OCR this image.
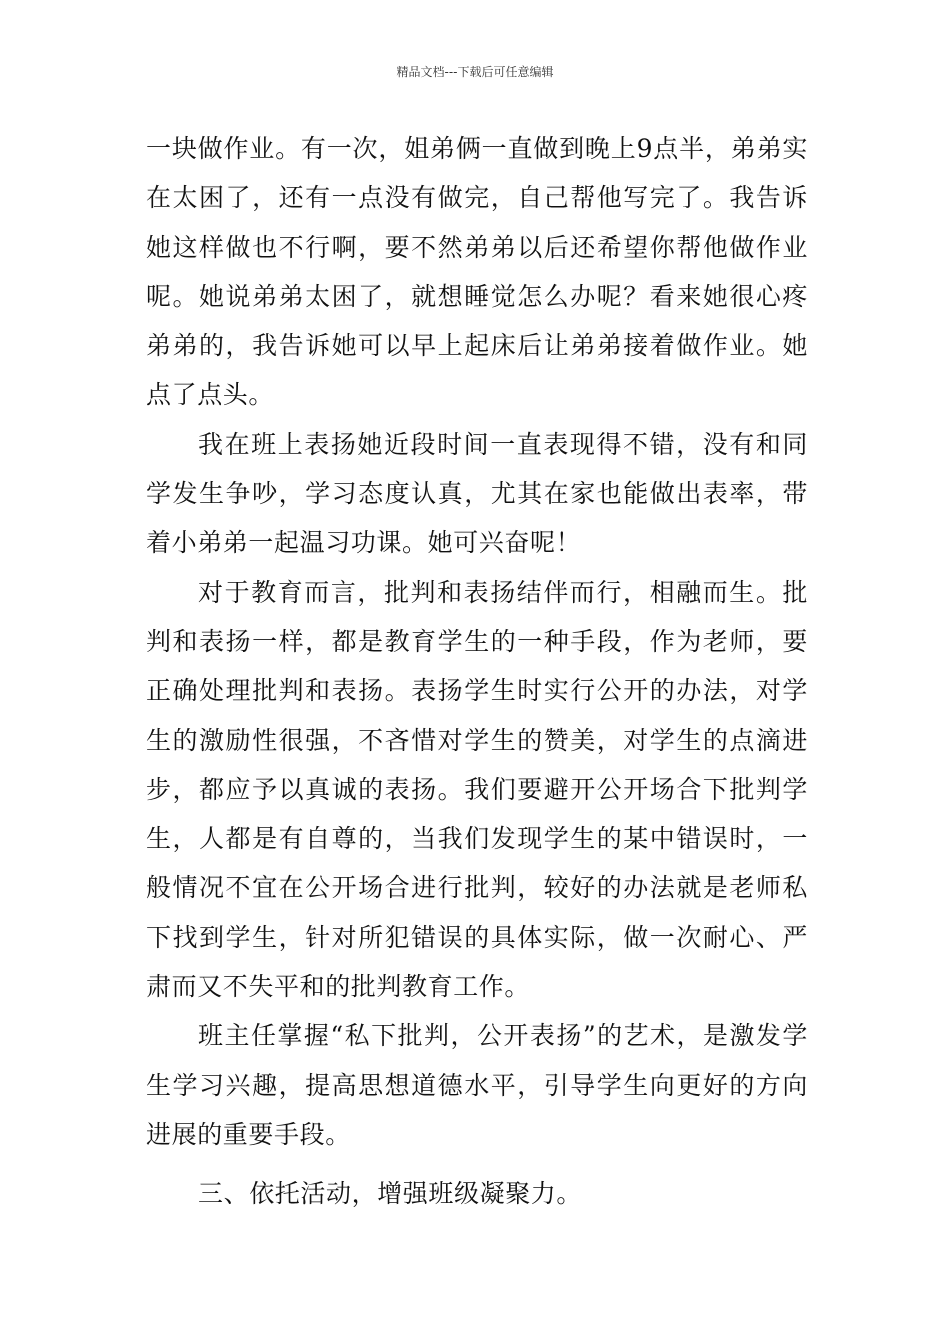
精品文档---下载后可任意编辑

一块做作业。有一次，姐弟俩一直做到晚上9点半，弟弟实在太困了，还有一点没有做完，自己帮他写完了。我告诉她这样做也不行啊，要不然弟弟以后还希望你帮他做作业呢。她说弟弟太困了，就想睡觉怎么办呢？看来她很心疼弟弟的，我告诉她可以早上起床后让弟弟接着做作业。她点了点头。

我在班上表扬她近段时间一直表现得不错，没有和同学发生争吵，学习态度认真，尤其在家也能做出表率，带着小弟弟一起温习功课。她可兴奋呢！

对于教育而言，批判和表扬结伴而行，相融而生。批判和表扬一样，都是教育学生的一种手段，作为老师，要正确处理批判和表扬。表扬学生时实行公开的办法，对学生的激励性很强，不吝惜对学生的赞美，对学生的点滴进步，都应予以真诚的表扬。我们要避开公开场合下批判学生，人都是有自尊的，当我们发现学生的某中错误时，一般情况不宜在公开场合进行批判，较好的办法就是老师私下找到学生，针对所犯错误的具体实际，做一次耐心、严肃而又不失平和的批判教育工作。

班主任掌握“私下批判，公开表扬”的艺术，是激发学生学习兴趣，提高思想道德水平，引导学生向更好的方向进展的重要手段。

三、依托活动，增强班级凝聚力。
